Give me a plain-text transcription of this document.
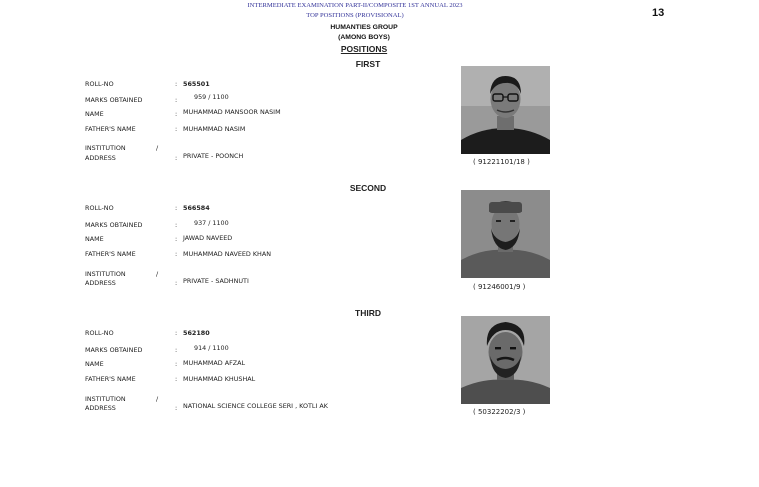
INTERMEDIATE EXAMINATION PART-II/COMPOSITE 1ST ANNUAL 2023
TOP POSITIONS (PROVISIONAL)	13
HUMANTIES GROUP
(AMONG BOYS)
POSITIONS
FIRST
ROLL-NO	: 565501
MARKS OBTAINED	:	959 / 1100
NAME	: MUHAMMAD MANSOOR NASIM
FATHER'S NAME	: MUHAMMAD NASIM
INSTITUTION	/
ADDRESS	: PRIVATE - POONCH
( 91221101/18 )
SECOND
ROLL-NO	: 566584
MARKS OBTAINED	:	937 / 1100
NAME	: JAWAD NAVEED
FATHER'S NAME	: MUHAMMAD NAVEED KHAN
INSTITUTION	/
ADDRESS	: PRIVATE - SADHNUTI
( 91246001/9 )
THIRD
ROLL-NO	: 562180
MARKS OBTAINED	:	914 / 1100
NAME	: MUHAMMAD AFZAL
FATHER'S NAME	: MUHAMMAD KHUSHAL
INSTITUTION	/
ADDRESS	: NATIONAL SCIENCE COLLEGE SERI , KOTLI AK
( 50322202/3 )
